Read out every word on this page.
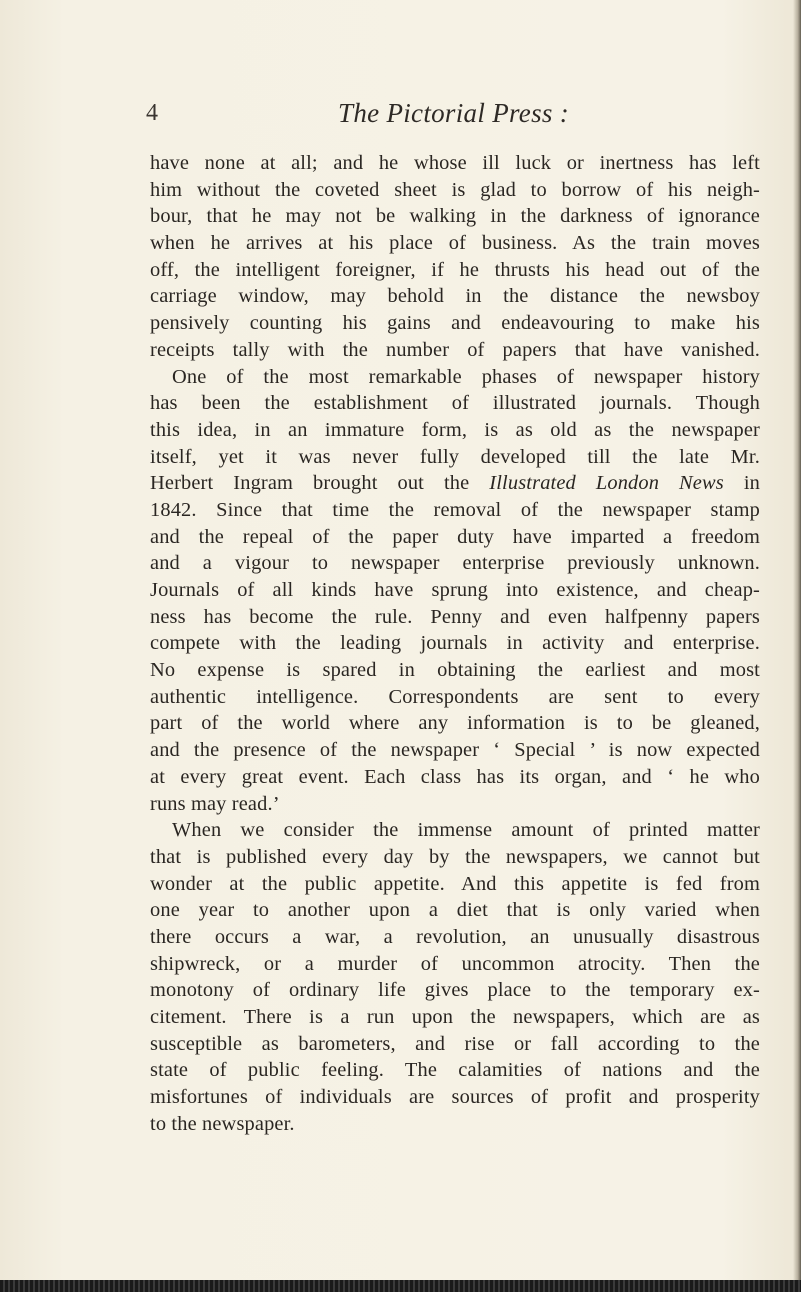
4	The Pictorial Press :
have none at all; and he whose ill luck or inertness has left
him without the coveted sheet is glad to borrow of his neigh-
bour, that he may not be walking in the darkness of ignorance
when he arrives at his place of business. As the train moves
off, the intelligent foreigner, if he thrusts his head out of the
carriage window, may behold in the distance the newsboy
pensively counting his gains and endeavouring to make his
receipts tally with the number of papers that have vanished.
One of the most remarkable phases of newspaper history
has been the establishment of illustrated journals. Though
this idea, in an immature form, is as old as the newspaper
itself, yet it was never fully developed till the late Mr.
Herbert Ingram brought out the Illustrated London News in
1842. Since that time the removal of the newspaper stamp
and the repeal of the paper duty have imparted a freedom
and a vigour to newspaper enterprise previously unknown.
Journals of all kinds have sprung into existence, and cheap-
ness has become the rule. Penny and even halfpenny papers
compete with the leading journals in activity and enterprise.
No expense is spared in obtaining the earliest and most
authentic intelligence. Correspondents are sent to every
part of the world where any information is to be gleaned,
and the presence of the newspaper ‘ Special ’ is now expected
at every great event. Each class has its organ, and ‘ he who
runs may read.’
When we consider the immense amount of printed matter
that is published every day by the newspapers, we cannot but
wonder at the public appetite. And this appetite is fed from
one year to another upon a diet that is only varied when
there occurs a war, a revolution, an unusually disastrous
shipwreck, or a murder of uncommon atrocity. Then the
monotony of ordinary life gives place to the temporary ex-
citement. There is a run upon the newspapers, which are as
susceptible as barometers, and rise or fall according to the
state of public feeling. The calamities of nations and the
misfortunes of individuals are sources of profit and prosperity
to the newspaper.
